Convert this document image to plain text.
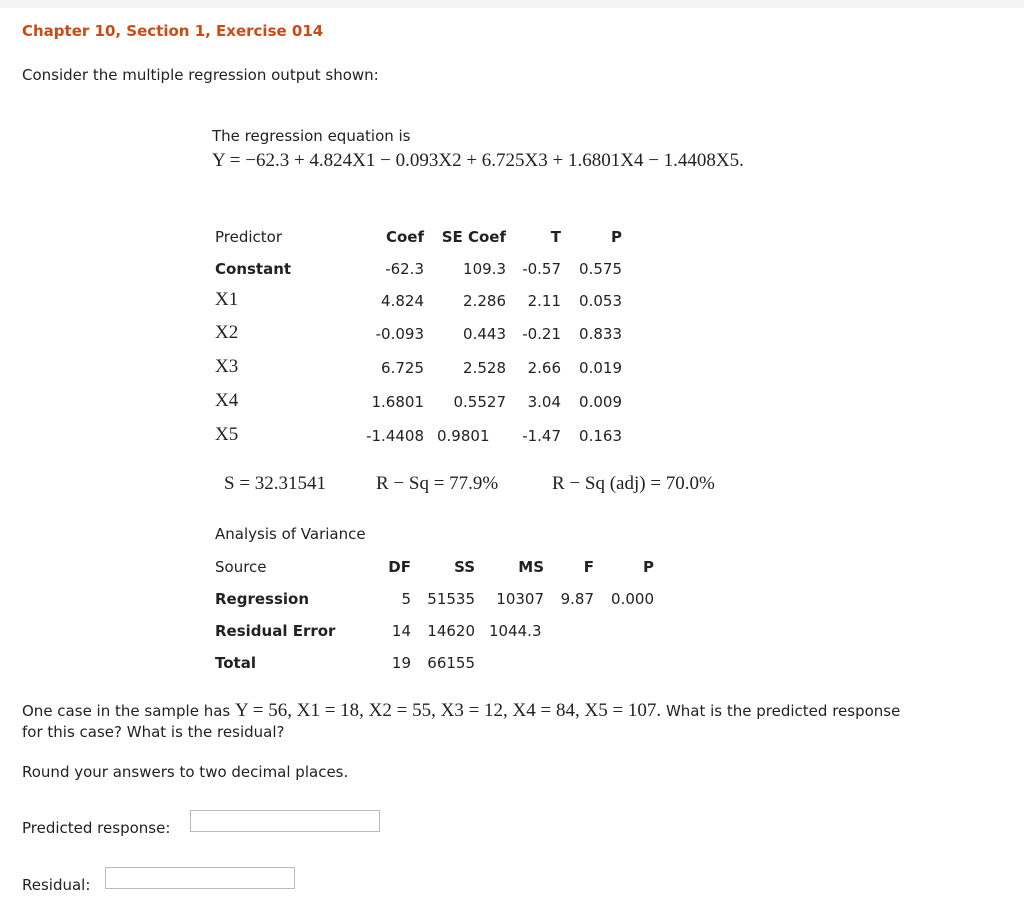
Chapter 10, Section 1, Exercise 014
Consider the multiple regression output shown:
The regression equation is
Y = −62.3 + 4.824X1 − 0.093X2 + 6.725X3 + 1.6801X4 − 1.4408X5.
Predictor	Coef	SE Coef	T	P
Constant	-62.3	109.3	-0.57	0.575
X1	4.824	2.286	2.11	0.053
X2	-0.093	0.443	-0.21	0.833
X3	6.725	2.528	2.66	0.019
X4	1.6801	0.5527	3.04	0.009
X5	-1.4408 0.9801	-1.47	0.163
S = 32.31541	R − Sq = 77.9%	R − Sq (adj) = 70.0%
Analysis of Variance
Source	DF	SS	MS	F	P
Regression	5	51535	10307	9.87	0.000
Residual Error	14	14620 1044.3
Total	19	66155
One case in the sample has Y = 56, X1 = 18, X2 = 55, X3 = 12, X4 = 84, X5 = 107. What is the predicted response
for this case? What is the residual?
Round your answers to two decimal places.
Predicted response:
Residual:
